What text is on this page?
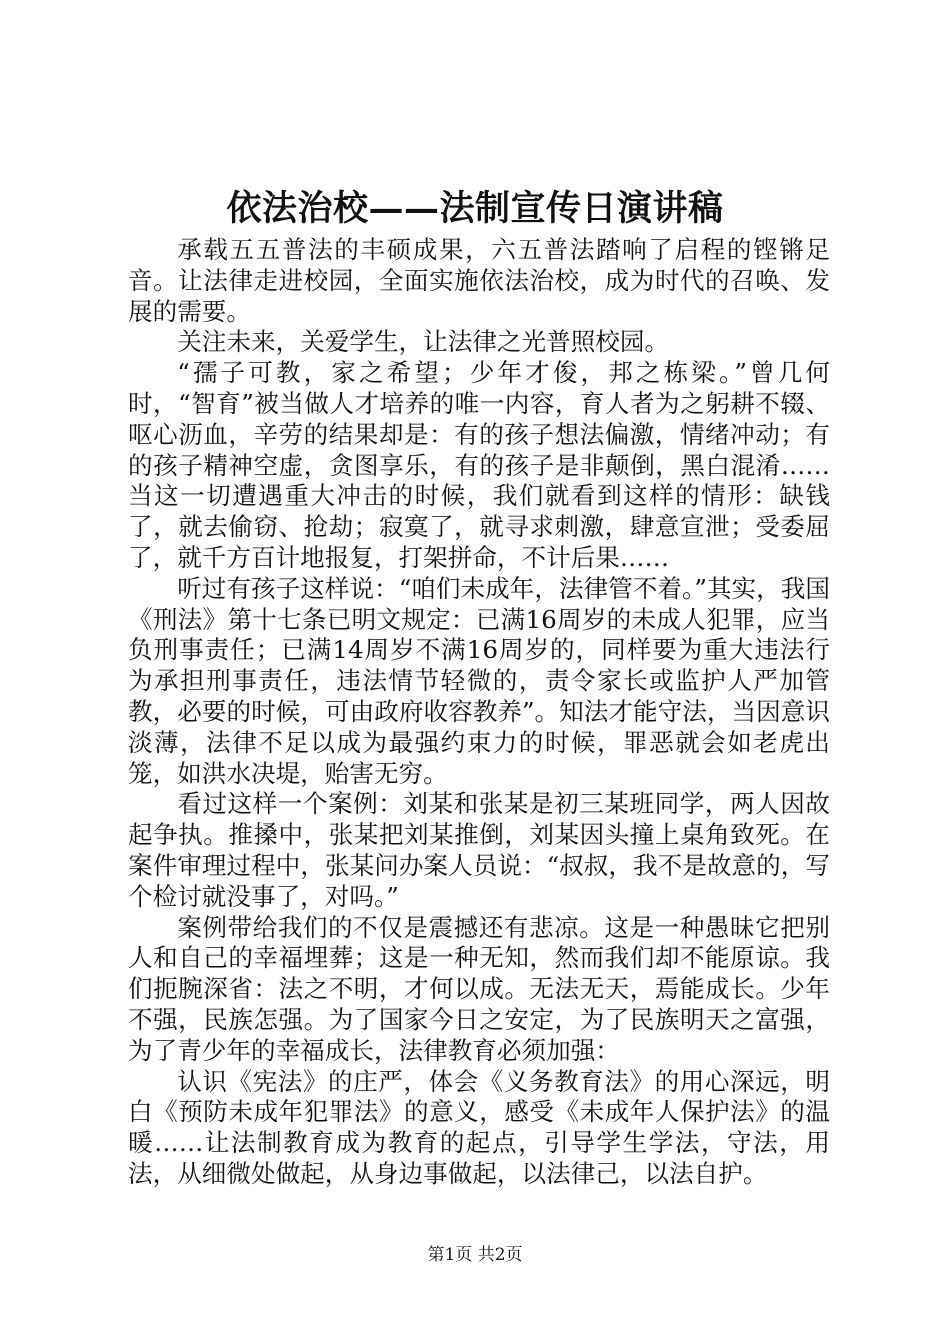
依法治校——法制宣传日演讲稿

承载五五普法的丰硕成果，六五普法踏响了启程的铿锵足音。让法律走进校园，全面实施依法治校，成为时代的召唤、发展的需要。

关注未来，关爱学生，让法律之光普照校园。

“孺子可教，家之希望；少年才俊，邦之栋梁。”曾几何时，“智育”被当做人才培养的唯一内容，育人者为之躬耕不辍、呕心沥血，辛劳的结果却是：有的孩子想法偏激，情绪冲动；有的孩子精神空虚，贪图享乐，有的孩子是非颠倒，黑白混淆……当这一切遭遇重大冲击的时候，我们就看到这样的情形：缺钱了，就去偷窃、抢劫；寂寞了，就寻求刺激，肆意宣泄；受委屈了，就千方百计地报复，打架拼命，不计后果……

听过有孩子这样说：“咱们未成年，法律管不着。”其实，我国《刑法》第十七条已明文规定：已满16周岁的未成人犯罪，应当负刑事责任；已满14周岁不满16周岁的，同样要为重大违法行为承担刑事责任，违法情节轻微的，责令家长或监护人严加管教，必要的时候，可由政府收容教养”。知法才能守法，当因意识淡薄，法律不足以成为最强约束力的时候，罪恶就会如老虎出笼，如洪水决堤，贻害无穷。

看过这样一个案例：刘某和张某是初三某班同学，两人因故起争执。推搡中，张某把刘某推倒，刘某因头撞上桌角致死。在案件审理过程中，张某问办案人员说：“叔叔，我不是故意的，写个检讨就没事了，对吗。”

案例带给我们的不仅是震撼还有悲凉。这是一种愚昧它把别人和自己的幸福埋葬；这是一种无知，然而我们却不能原谅。我们扼腕深省：法之不明，才何以成。无法无天，焉能成长。少年不强，民族怎强。为了国家今日之安定，为了民族明天之富强，为了青少年的幸福成长，法律教育必须加强：

认识《宪法》的庄严，体会《义务教育法》的用心深远，明白《预防未成年犯罪法》的意义，感受《未成年人保护法》的温暖……让法制教育成为教育的起点，引导学生学法，守法，用法，从细微处做起，从身边事做起，以法律己，以法自护。

第1页 共2页
